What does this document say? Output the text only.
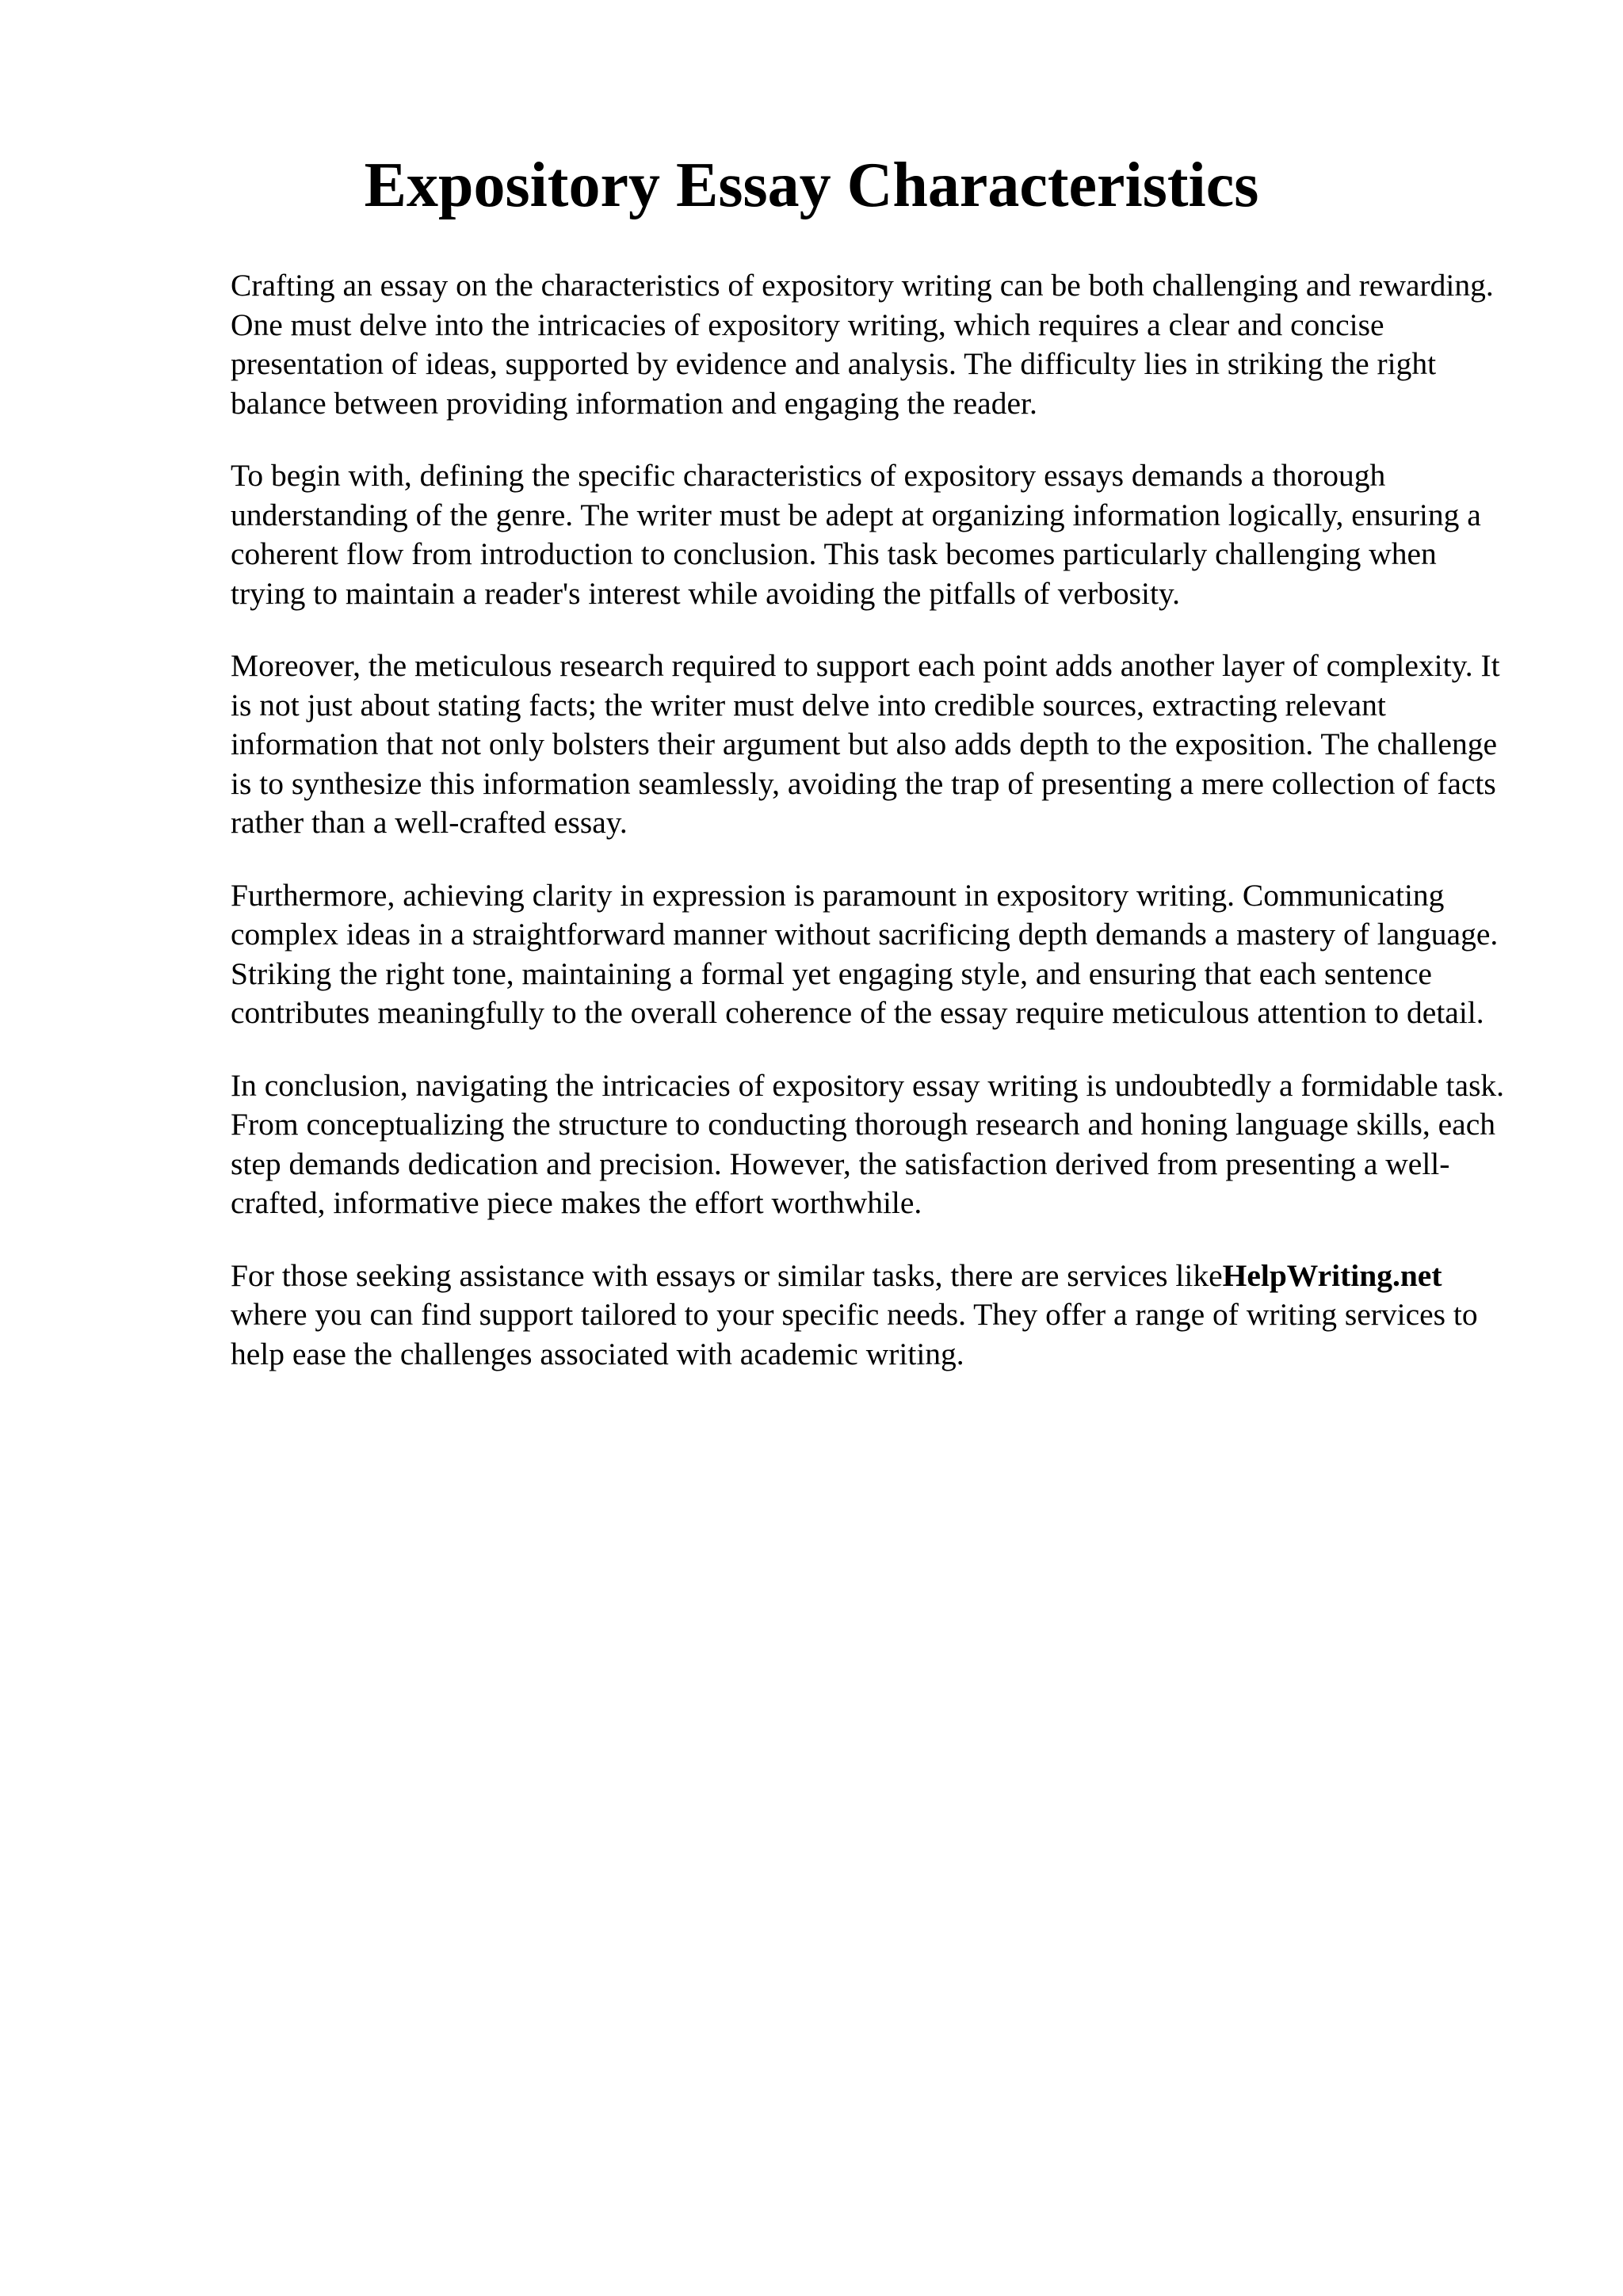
Expository Essay Characteristics

Crafting an essay on the characteristics of expository writing can be both challenging and rewarding. One must delve into the intricacies of expository writing, which requires a clear and concise presentation of ideas, supported by evidence and analysis. The difficulty lies in striking the right balance between providing information and engaging the reader.

To begin with, defining the specific characteristics of expository essays demands a thorough understanding of the genre. The writer must be adept at organizing information logically, ensuring a coherent flow from introduction to conclusion. This task becomes particularly challenging when trying to maintain a reader's interest while avoiding the pitfalls of verbosity.

Moreover, the meticulous research required to support each point adds another layer of complexity. It is not just about stating facts; the writer must delve into credible sources, extracting relevant information that not only bolsters their argument but also adds depth to the exposition. The challenge is to synthesize this information seamlessly, avoiding the trap of presenting a mere collection of facts rather than a well-crafted essay.

Furthermore, achieving clarity in expression is paramount in expository writing. Communicating complex ideas in a straightforward manner without sacrificing depth demands a mastery of language. Striking the right tone, maintaining a formal yet engaging style, and ensuring that each sentence contributes meaningfully to the overall coherence of the essay require meticulous attention to detail.

In conclusion, navigating the intricacies of expository essay writing is undoubtedly a formidable task. From conceptualizing the structure to conducting thorough research and honing language skills, each step demands dedication and precision. However, the satisfaction derived from presenting a well-crafted, informative piece makes the effort worthwhile.

For those seeking assistance with essays or similar tasks, there are services likeHelpWriting.net where you can find support tailored to your specific needs. They offer a range of writing services to help ease the challenges associated with academic writing.
